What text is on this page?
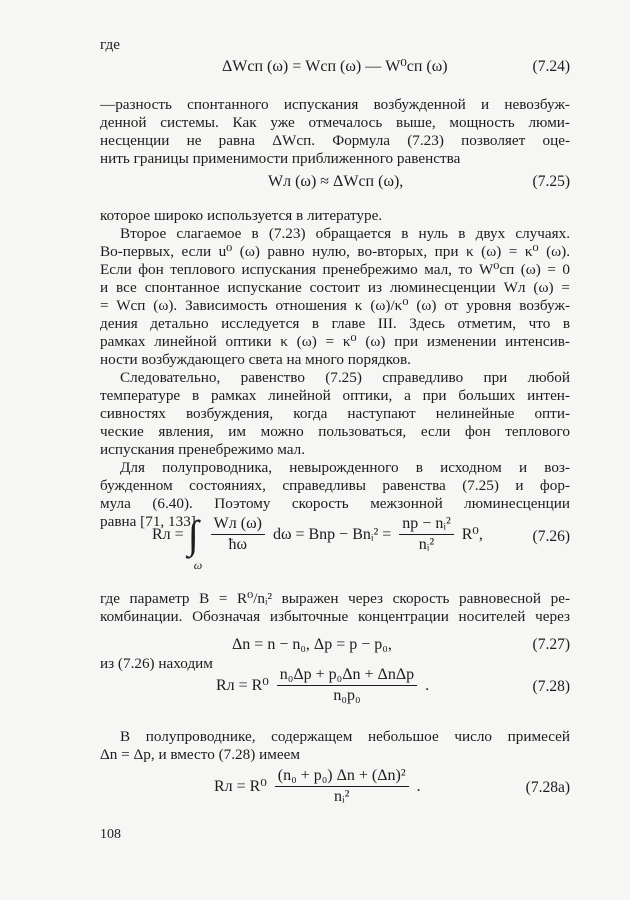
где
ΔWсп (ω) = Wсп (ω) — W⁰сп (ω)	(7.24)
—разность спонтанного испускания возбужденной и невозбуж-
денной системы. Как уже отмечалось выше, мощность люми-
несценции не равна ΔWсп. Формула (7.23) позволяет оце-
нить границы применимости приближенного равенства
Wл (ω) ≈ ΔWсп (ω),	(7.25)
которое широко используется в литературе.
Второе слагаемое в (7.23) обращается в нуль в двух случаях.
Во-первых, если u⁰ (ω) равно нулю, во-вторых, при κ (ω) = κ⁰ (ω).
Если фон теплового испускания пренебрежимо мал, то W⁰сп (ω) = 0
и все спонтанное испускание состоит из люминесценции Wл (ω) =
= Wсп (ω). Зависимость отношения κ (ω)/κ⁰ (ω) от уровня возбуж-
дения детально исследуется в главе III. Здесь отметим, что в
рамках линейной оптики κ (ω) = κ⁰ (ω) при изменении интенсив-
ности возбуждающего света на много порядков.
Следовательно, равенство (7.25) справедливо при любой
температуре в рамках линейной оптики, а при больших интен-
сивностях возбуждения, когда наступают нелинейные опти-
ческие явления, им можно пользоваться, если фон теплового
испускания пренебрежимо мал.
Для полупроводника, невырожденного в исходном и воз-
бужденном состояниях, справедливы равенства (7.25) и фор-
мула (6.40). Поэтому скорость межзонной люминесценции
равна [71, 133]
Rл = ∫
ω

$\frac{Wл (\omega)}{ħ\omega}$ dω = Bnp − Bnᵢ² = $\frac{\text{np − nᵢ²}}{\text{nᵢ²}} R^0$,	(7.26)
где параметр B = R⁰/nᵢ² выражен через скорость равновесной ре-
комбинации. Обозначая избыточные концентрации носителей через
Δn = n − n₀, Δp = p − p₀,	(7.27)
из (7.26) находим
Rл = $R^0 \frac{\text{n₀Δp + p₀Δn + ΔnΔp}}{\text{n₀p₀}}$ .	(7.28)
В полупроводнике, содержащем небольшое число примесей
Δn = Δp, и вместо (7.28) имеем
Rл = $R^0 \frac{\text{(n₀ + p₀) Δn + (Δn)²}}{\text{nᵢ²}}$ .	(7.28a)
108
